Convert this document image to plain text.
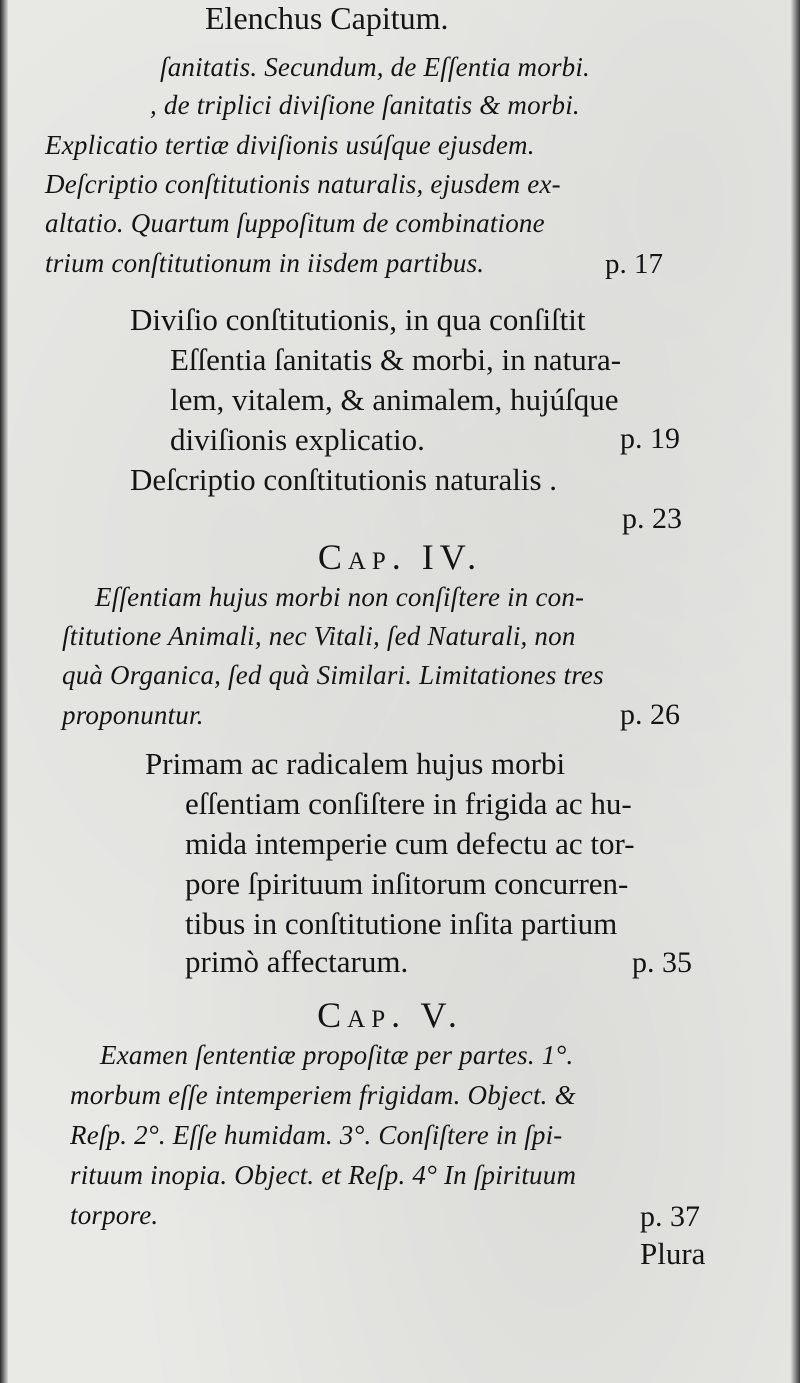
Elenchus Capitum.
ſanitatis. Secundum, de Eſſentia morbi.
, de triplici diviſione ſanitatis & morbi.
Explicatio tertiæ diviſionis usúſque ejusdem.
Deſcriptio conſtitutionis naturalis, ejusdem ex-
altatio. Quartum ſuppoſitum de combinatione
trium conſtitutionum in iisdem partibus.	p. 17
Diviſio conſtitutionis, in qua conſiſtit
Eſſentia ſanitatis & morbi, in natura-
lem, vitalem, & animalem, hujúſque
diviſionis explicatio.	p. 19
Deſcriptio conſtitutionis naturalis .
p. 23
Cap. IV.
Eſſentiam hujus morbi non conſiſtere in con-
ſtitutione Animali, nec Vitali, ſed Naturali, non
quà Organica, ſed quà Similari. Limitationes tres
proponuntur.	p. 26
Primam ac radicalem hujus morbi
eſſentiam conſiſtere in frigida ac hu-
mida intemperie cum defectu ac tor-
pore ſpirituum inſitorum concurren-
tibus in conſtitutione inſita partium
primò affectarum.	p. 35
Cap. V.
Examen ſententiæ propoſitæ per partes. 1°.
morbum eſſe intemperiem frigidam. Object. &
Reſp. 2°. Eſſe humidam. 3°. Conſiſtere in ſpi-
rituum inopia. Object. et Reſp. 4° In ſpirituum
torpore.	p. 37
Plura
